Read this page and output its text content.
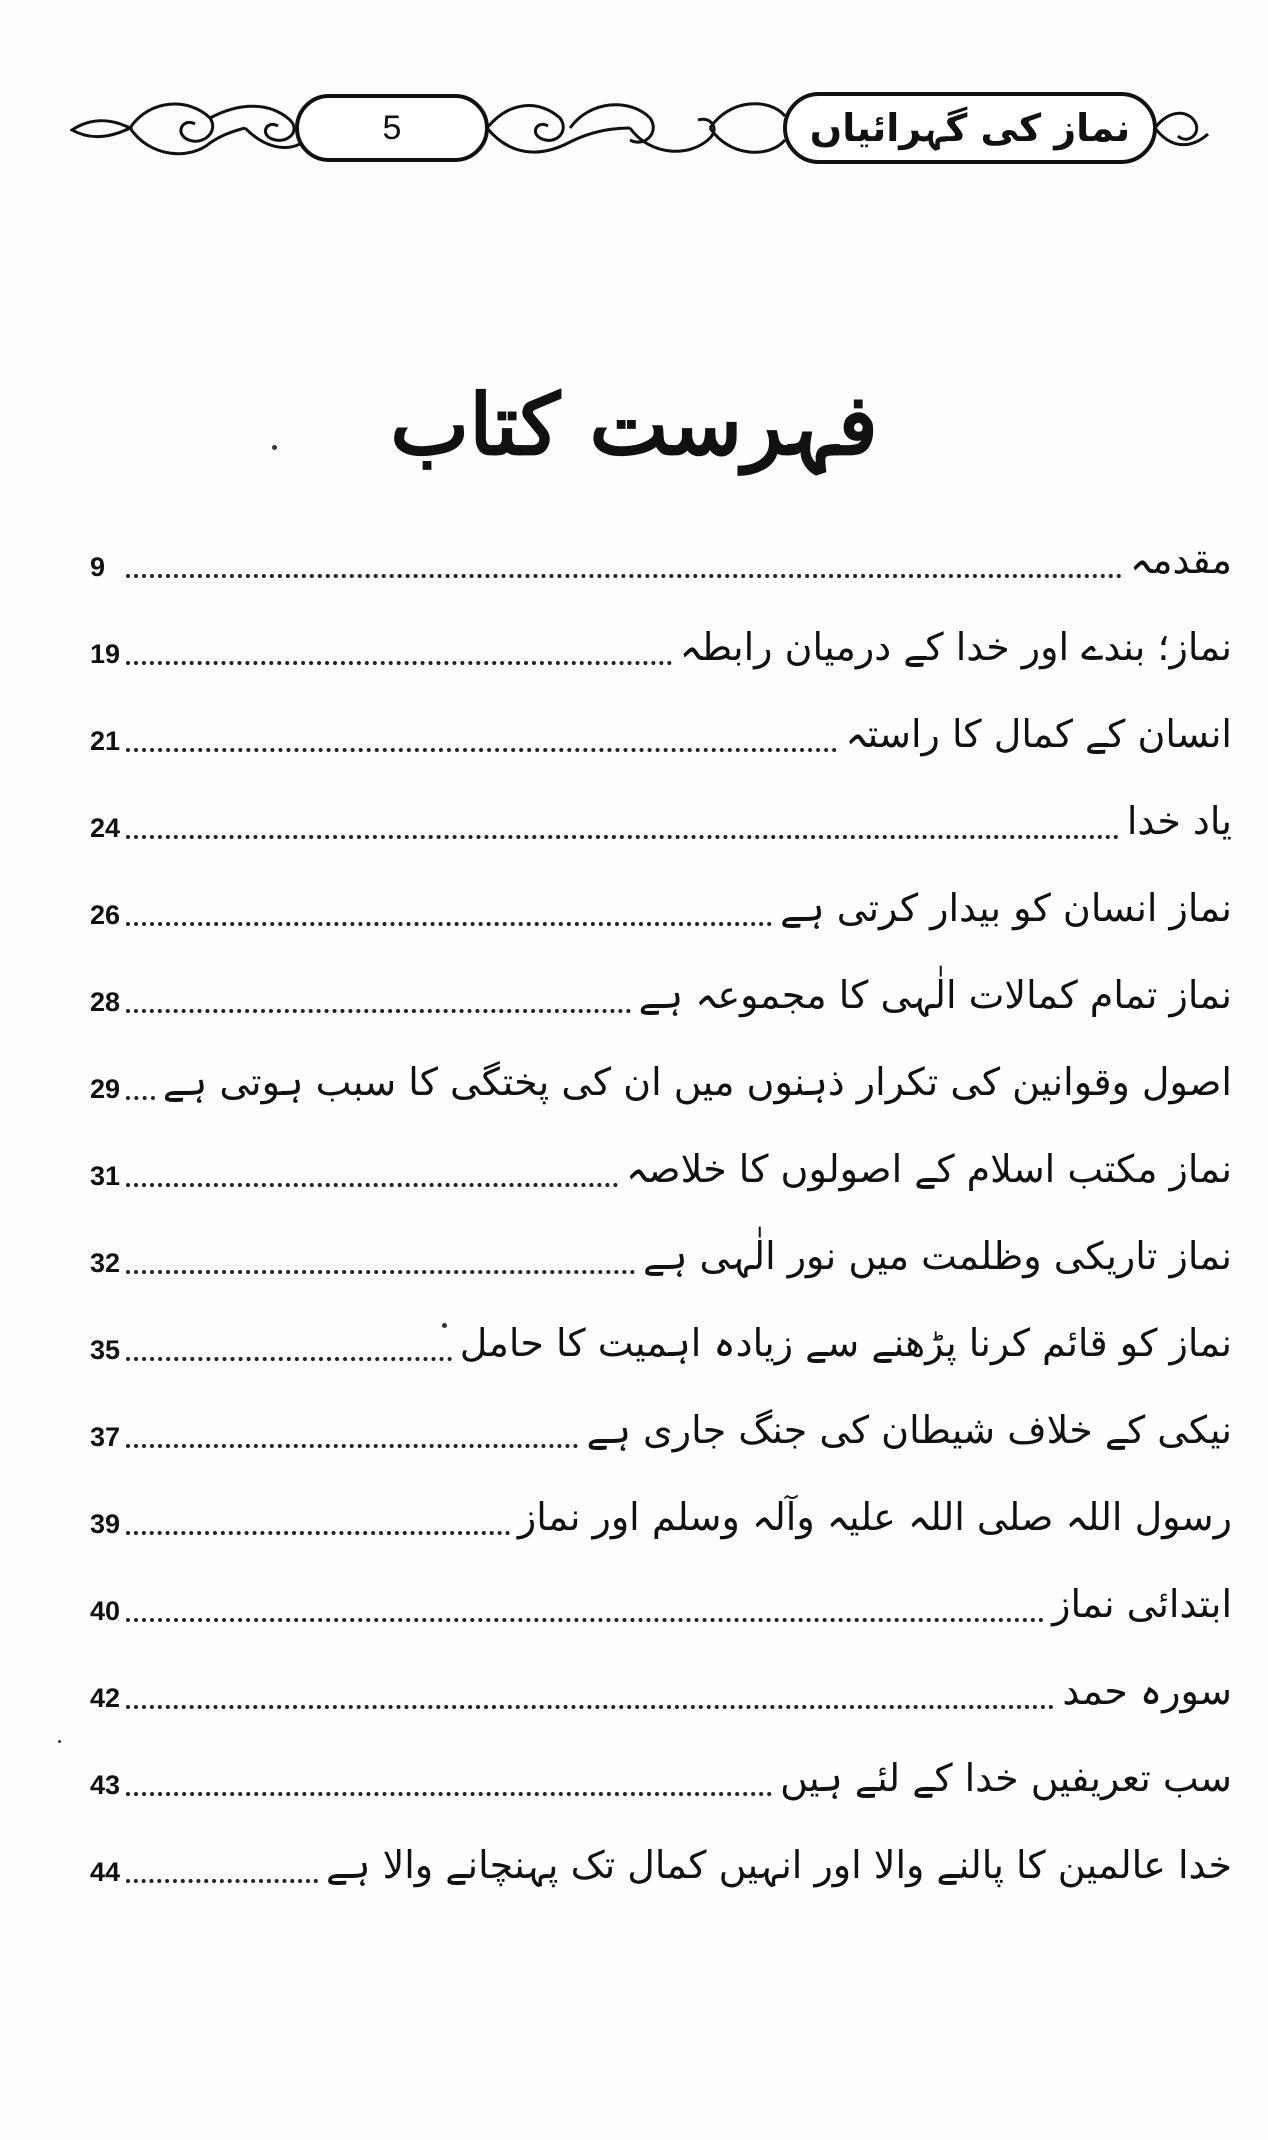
5	نماز کی گہرائیاں
فہرست کتاب
9	مقدمہ
19	نماز؛ بندے اور خدا کے درمیان رابطہ
21	انسان کے کمال کا راستہ
24	یاد خدا
26	نماز انسان کو بیدار کرتی ہے
28	نماز تمام کمالات الٰہی کا مجموعہ ہے
29 اصول وقوانین کی تکرار ذہنوں میں ان کی پختگی کا سبب ہوتی ہے
31	نماز مکتب اسلام کے اصولوں کا خلاصہ
32	نماز تاریکی وظلمت میں نور الٰہی ہے
35	نماز کو قائم کرنا پڑھنے سے زیادہ اہمیت کا حامل
37	نیکی کے خلاف شیطان کی جنگ جاری ہے
39	رسول اللہ صلی اللہ علیہ وآلہ وسلم اور نماز
40	ابتدائی نماز
42	سورہ حمد
43	سب تعریفیں خدا کے لئے ہیں
44	خدا عالمین کا پالنے والا اور انہیں کمال تک پہنچانے والا ہے
